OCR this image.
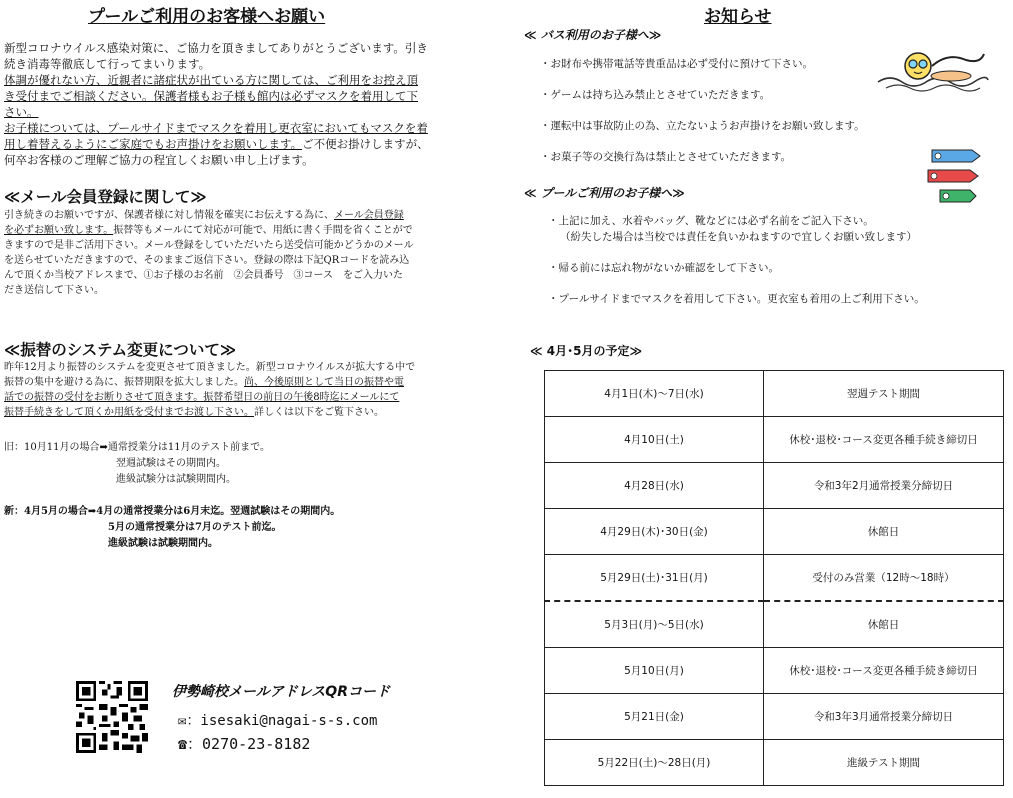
プールご利用のお客様へお願い
新型コロナウイルス感染対策に、ご協力を頂きましてありがとうございます。引き
続き消毒等徹底して行ってまいります。
体調が優れない方、近親者に諸症状が出ている方に関しては、ご利用をお控え頂
き受付までご相談ください。保護者様もお子様も館内は必ずマスクを着用して下
さい。
お子様については、プールサイドまでマスクを着用し更衣室においてもマスクを着
用し着替えるようにご家庭でもお声掛けをお願いします。ご不便お掛けしますが、
何卒お客様のご理解ご協力の程宜しくお願い申し上げます。
≪メール会員登録に関して≫
引き続きのお願いですが、保護者様に対し情報を確実にお伝えする為に、メール会員登録
を必ずお願い致します。振替等もメールにて対応が可能で、用紙に書く手間を省くことがで
きますので是非ご活用下さい。メール登録をしていただいたら送受信可能かどうかのメール
を送らせていただきますので、そのままご返信下さい。登録の際は下記QRコードを読み込
んで頂くか当校アドレスまで、①お子様のお名前　②会員番号　③コース　をご入力いた
だき送信して下さい。
≪振替のシステム変更について≫
昨年12月より振替のシステムを変更させて頂きました。新型コロナウイルスが拡大する中で
振替の集中を避ける為に、振替期限を拡大しました。尚、今後原則として当日の振替や電
話での振替の受付をお断りさせて頂きます。振替希望日の前日の午後8時迄にメールにて
振替手続きをして頂くか用紙を受付までお渡し下さい。詳しくは以下をご覧下さい。
旧：10月11月の場合➡通常授業分は11月のテスト前まで。
翌週試験はその期間内。
進級試験分は試験期間内。
新：4月5月の場合➡4月の通常授業分は6月末迄。翌週試験はその期間内。
5月の通常授業分は7月のテスト前迄。
進級試験は試験期間内。
伊勢崎校メールアドレスQRコード
✉：isesaki@nagai-s-s.com
☎：0270-23-8182
お知らせ
≪ バス利用のお子様へ≫
・お財布や携帯電話等貴重品は必ず受付に預けて下さい。
・ゲームは持ち込み禁止とさせていただきます。
・運転中は事故防止の為、立たないようお声掛けをお願い致します。
・お菓子等の交換行為は禁止とさせていただきます。
≪ プールご利用のお子様へ≫
・上記に加え、水着やバッグ、靴などには必ず名前をご記入下さい。
（紛失した場合は当校では責任を負いかねますので宜しくお願い致します）
・帰る前には忘れ物がないか確認をして下さい。
・プールサイドまでマスクを着用して下さい。更衣室も着用の上ご利用下さい。
≪ 4月･5月の予定≫
4月1日(木)～7日(水)	翌週テスト期間
4月10日(土)	休校･退校･コース変更各種手続き締切日
4月28日(水)	令和3年2月通常授業分締切日
4月29日(木)･30日(金)	休館日
5月29日(土)･31日(月)	受付のみ営業（12時～18時）
5月3日(月)～5日(水)	休館日
5月10日(月)	休校･退校･コース変更各種手続き締切日
5月21日(金)	令和3年3月通常授業分締切日
5月22日(土)～28日(月)	進級テスト期間
